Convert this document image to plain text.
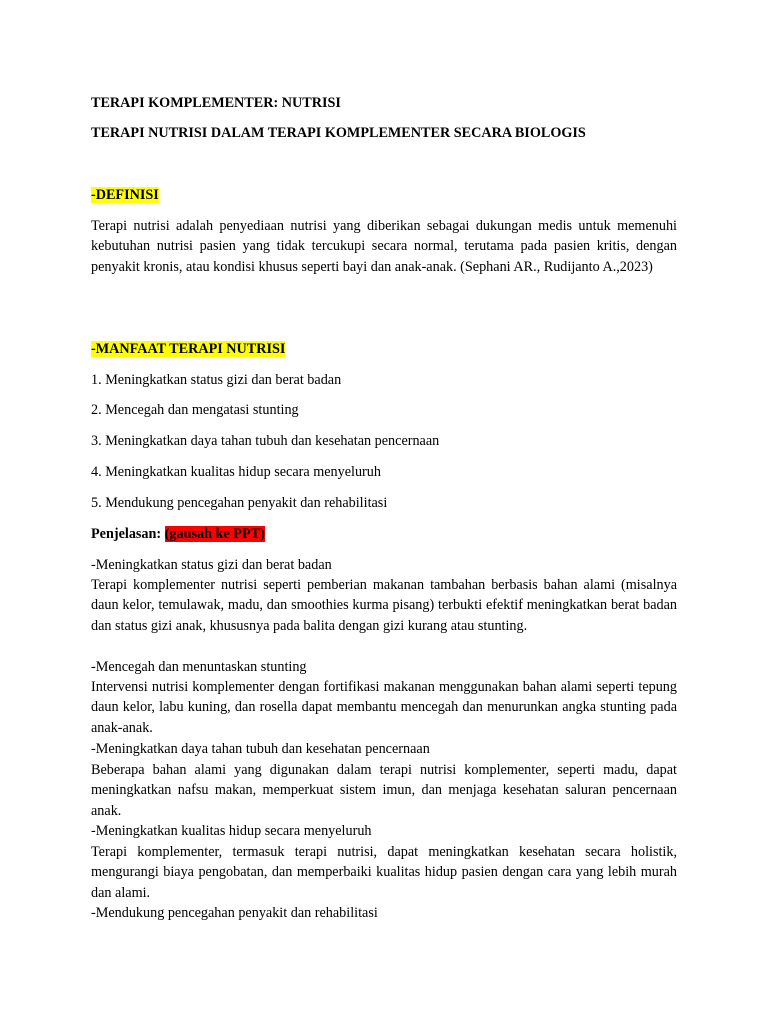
TERAPI KOMPLEMENTER: NUTRISI
TERAPI NUTRISI DALAM TERAPI KOMPLEMENTER SECARA BIOLOGIS
-DEFINISI
Terapi nutrisi adalah penyediaan nutrisi yang diberikan sebagai dukungan medis untuk memenuhi kebutuhan nutrisi pasien yang tidak tercukupi secara normal, terutama pada pasien kritis, dengan penyakit kronis, atau kondisi khusus seperti bayi dan anak-anak. (Sephani AR., Rudijanto A.,2023)
-MANFAAT TERAPI NUTRISI
1. Meningkatkan status gizi dan berat badan
2. Mencegah dan mengatasi stunting
3. Meningkatkan daya tahan tubuh dan kesehatan pencernaan
4. Meningkatkan kualitas hidup secara menyeluruh
5. Mendukung pencegahan penyakit dan rehabilitasi
Penjelasan: (gausah ke PPT)
-Meningkatkan status gizi dan berat badan
Terapi komplementer nutrisi seperti pemberian makanan tambahan berbasis bahan alami (misalnya daun kelor, temulawak, madu, dan smoothies kurma pisang) terbukti efektif meningkatkan berat badan dan status gizi anak, khususnya pada balita dengan gizi kurang atau stunting.
-Mencegah dan menuntaskan stunting
Intervensi nutrisi komplementer dengan fortifikasi makanan menggunakan bahan alami seperti tepung daun kelor, labu kuning, dan rosella dapat membantu mencegah dan menurunkan angka stunting pada anak-anak.
-Meningkatkan daya tahan tubuh dan kesehatan pencernaan
Beberapa bahan alami yang digunakan dalam terapi nutrisi komplementer, seperti madu, dapat meningkatkan nafsu makan, memperkuat sistem imun, dan menjaga kesehatan saluran pencernaan anak.
-Meningkatkan kualitas hidup secara menyeluruh
Terapi komplementer, termasuk terapi nutrisi, dapat meningkatkan kesehatan secara holistik, mengurangi biaya pengobatan, dan memperbaiki kualitas hidup pasien dengan cara yang lebih murah dan alami.
-Mendukung pencegahan penyakit dan rehabilitasi
